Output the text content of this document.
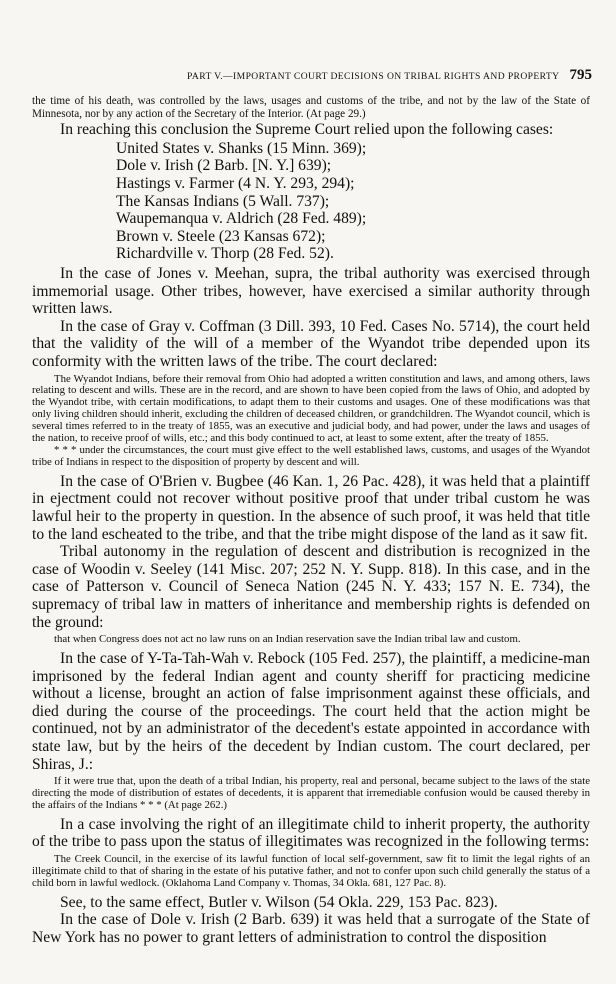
PART V.—IMPORTANT COURT DECISIONS ON TRIBAL RIGHTS AND PROPERTY 795

the time of his death, was controlled by the laws, usages and customs of the tribe, and not by the law of the State of Minnesota, nor by any action of the Secretary of the Interior. (At page 29.)

In reaching this conclusion the Supreme Court relied upon the following cases:

United States v. Shanks (15 Minn. 369);
Dole v. Irish (2 Barb. [N. Y.] 639);
Hastings v. Farmer (4 N. Y. 293, 294);
The Kansas Indians (5 Wall. 737);
Waupemanqua v. Aldrich (28 Fed. 489);
Brown v. Steele (23 Kansas 672);
Richardville v. Thorp (28 Fed. 52).

In the case of Jones v. Meehan, supra, the tribal authority was exercised through immemorial usage. Other tribes, however, have exercised a similar authority through written laws.

In the case of Gray v. Coffman (3 Dill. 393, 10 Fed. Cases No. 5714), the court held that the validity of the will of a member of the Wyandot tribe depended upon its conformity with the written laws of the tribe. The court declared:

The Wyandot Indians, before their removal from Ohio had adopted a written constitution and laws, and among others, laws relating to descent and wills. These are in the record, and are shown to have been copied from the laws of Ohio, and adopted by the Wyandot tribe, with certain modifications, to adapt them to their customs and usages. One of these modifications was that only living children should inherit, excluding the children of deceased children, or grandchildren. The Wyandot council, which is several times referred to in the treaty of 1855, was an executive and judicial body, and had power, under the laws and usages of the nation, to receive proof of wills, etc.; and this body continued to act, at least to some extent, after the treaty of 1855.

* * * under the circumstances, the court must give effect to the well established laws, customs, and usages of the Wyandot tribe of Indians in respect to the disposition of property by descent and will.

In the case of O'Brien v. Bugbee (46 Kan. 1, 26 Pac. 428), it was held that a plaintiff in ejectment could not recover without positive proof that under tribal custom he was lawful heir to the property in question. In the absence of such proof, it was held that title to the land escheated to the tribe, and that the tribe might dispose of the land as it saw fit.

Tribal autonomy in the regulation of descent and distribution is recognized in the case of Woodin v. Seeley (141 Misc. 207; 252 N. Y. Supp. 818). In this case, and in the case of Patterson v. Council of Seneca Nation (245 N. Y. 433; 157 N. E. 734), the supremacy of tribal law in matters of inheritance and membership rights is defended on the ground:

that when Congress does not act no law runs on an Indian reservation save the Indian tribal law and custom.

In the case of Y-Ta-Tah-Wah v. Rebock (105 Fed. 257), the plaintiff, a medicine-man imprisoned by the federal Indian agent and county sheriff for practicing medicine without a license, brought an action of false imprisonment against these officials, and died during the course of the proceedings. The court held that the action might be continued, not by an administrator of the decedent's estate appointed in accordance with state law, but by the heirs of the decedent by Indian custom. The court declared, per Shiras, J.:

If it were true that, upon the death of a tribal Indian, his property, real and personal, became subject to the laws of the state directing the mode of distribution of estates of decedents, it is apparent that irremediable confusion would be caused thereby in the affairs of the Indians * * * (At page 262.)

In a case involving the right of an illegitimate child to inherit property, the authority of the tribe to pass upon the status of illegitimates was recognized in the following terms:

The Creek Council, in the exercise of its lawful function of local self-government, saw fit to limit the legal rights of an illegitimate child to that of sharing in the estate of his putative father, and not to confer upon such child generally the status of a child born in lawful wedlock. (Oklahoma Land Company v. Thomas, 34 Okla. 681, 127 Pac. 8).

See, to the same effect, Butler v. Wilson (54 Okla. 229, 153 Pac. 823).

In the case of Dole v. Irish (2 Barb. 639) it was held that a surrogate of the State of New York has no power to grant letters of administration to control the disposition
